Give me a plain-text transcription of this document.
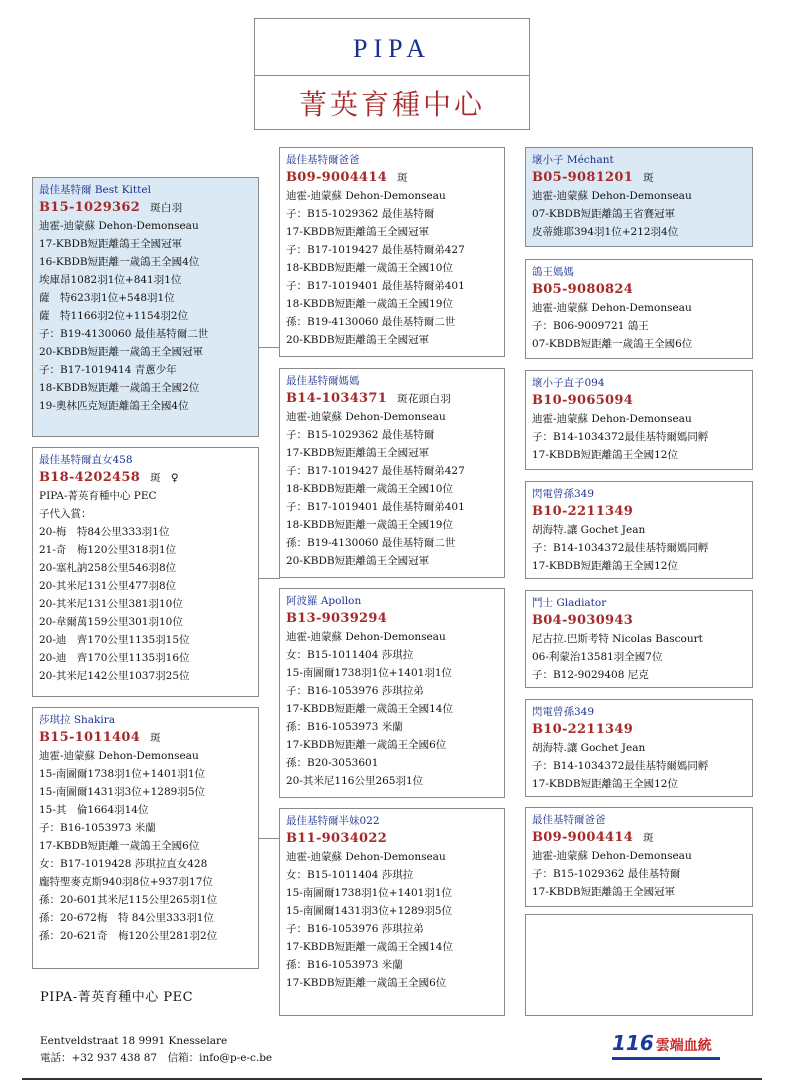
PIPA
菁英育種中心
最佳基特爾 Best Kittel
B15-1029362 斑白羽
迪霍-迪蒙蘇 Dehon-Demonseau
17-KBDB短距離鴿王全國冠軍
16-KBDB短距離一歲鴿王全國4位
埃庫昂1082羽1位+841羽1位
薩　特623羽1位+548羽1位
薩　特1166羽2位+1154羽2位
子：B19-4130060 最佳基特爾二世
20-KBDB短距離一歲鴿王全國冠軍
子：B17-1019414 青蔥少年
18-KBDB短距離一歲鴿王全國2位
19-奧林匹克短距離鴿王全國4位
最佳基特爾直女458
B18-4202458 斑 ♀
PIPA-菁英育種中心 PEC
子代入賞：
20-梅　特84公里333羽1位
21-奇　梅120公里318羽1位
20-塞札訥258公里546羽8位
20-其米尼131公里477羽8位
20-其米尼131公里381羽10位
20-韋爾萬159公里301羽10位
20-迪　齊170公里1135羽15位
20-迪　齊170公里1135羽16位
20-其米尼142公里1037羽25位
莎琪拉 Shakira
B15-1011404 斑
迪霍-迪蒙蘇 Dehon-Demonseau
15-南圖爾1738羽1位+1401羽1位
15-南圖爾1431羽3位+1289羽5位
15-其　倫1664羽14位
子：B16-1053973 米蘭
17-KBDB短距離一歲鴿王全國6位
女：B17-1019428 莎琪拉直女428
龐特聖麥克斯940羽8位+937羽17位
孫：20-601其米尼115公里265羽1位
孫：20-672梅　特 84公里333羽1位
孫：20-621奇　梅120公里281羽2位
最佳基特爾爸爸
B09-9004414 斑
迪霍-迪蒙蘇 Dehon-Demonseau
子：B15-1029362 最佳基特爾
17-KBDB短距離鴿王全國冠軍
子：B17-1019427 最佳基特爾弟427
18-KBDB短距離一歲鴿王全國10位
子：B17-1019401 最佳基特爾弟401
18-KBDB短距離一歲鴿王全國19位
孫：B19-4130060 最佳基特爾二世
20-KBDB短距離鴿王全國冠軍
最佳基特爾媽媽
B14-1034371 斑花頭白羽
迪霍-迪蒙蘇 Dehon-Demonseau
子：B15-1029362 最佳基特爾
17-KBDB短距離鴿王全國冠軍
子：B17-1019427 最佳基特爾弟427
18-KBDB短距離一歲鴿王全國10位
子：B17-1019401 最佳基特爾弟401
18-KBDB短距離一歲鴿王全國19位
孫：B19-4130060 最佳基特爾二世
20-KBDB短距離鴿王全國冠軍
阿波羅 Apollon
B13-9039294
迪霍-迪蒙蘇 Dehon-Demonseau
女：B15-1011404 莎琪拉
15-南圖爾1738羽1位+1401羽1位
子：B16-1053976 莎琪拉弟
17-KBDB短距離一歲鴿王全國14位
孫：B16-1053973 米蘭
17-KBDB短距離一歲鴿王全國6位
孫：B20-3053601
20-其米尼116公里265羽1位
最佳基特爾半妹022
B11-9034022
迪霍-迪蒙蘇 Dehon-Demonseau
女：B15-1011404 莎琪拉
15-南圖爾1738羽1位+1401羽1位
15-南圖爾1431羽3位+1289羽5位
子：B16-1053976 莎琪拉弟
17-KBDB短距離一歲鴿王全國14位
孫：B16-1053973 米蘭
17-KBDB短距離一歲鴿王全國6位
壞小子 Méchant
B05-9081201 斑
迪霍-迪蒙蘇 Dehon-Demonseau
07-KBDB短距離鴿王省賽冠軍
皮蒂維耶394羽1位+212羽4位
鴿王媽媽
B05-9080824
迪霍-迪蒙蘇 Dehon-Demonseau
子：B06-9009721 鴿王
07-KBDB短距離一歲鴿王全國6位
壞小子直子094
B10-9065094
迪霍-迪蒙蘇 Dehon-Demonseau
子：B14-1034372最佳基特爾媽同孵
17-KBDB短距離鴿王全國12位
閃電曾孫349
B10-2211349
胡海特.讓 Gochet Jean
子：B14-1034372最佳基特爾媽同孵
17-KBDB短距離鴿王全國12位
鬥士 Gladiator
B04-9030943
尼古拉.巴斯考特 Nicolas Bascourt
06-利蒙治13581羽全國7位
子：B12-9029408 尼克
閃電曾孫349
B10-2211349
胡海特.讓 Gochet Jean
子：B14-1034372最佳基特爾媽同孵
17-KBDB短距離鴿王全國12位
最佳基特爾爸爸
B09-9004414 斑
迪霍-迪蒙蘇 Dehon-Demonseau
子：B15-1029362 最佳基特爾
17-KBDB短距離鴿王全國冠軍
PIPA-菁英育種中心 PEC
Eentveldstraat 18 9991 Knesselare
電話：+32 937 438 87　信箱：info@p-e-c.be
116 雲端血統
